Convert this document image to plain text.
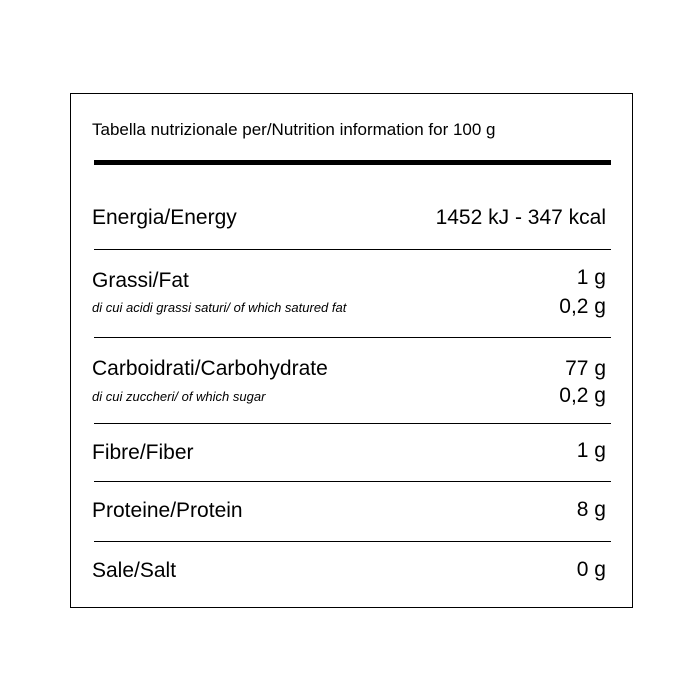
Tabella nutrizionale per/Nutrition information for 100 g
Energia/Energy	1452 kJ - 347 kcal
Grassi/Fat	1 g
di cui acidi grassi saturi/ of which satured fat	0,2 g
Carboidrati/Carbohydrate	77 g
di cui zuccheri/ of which sugar	0,2 g
Fibre/Fiber	1 g
Proteine/Protein	8 g
Sale/Salt	0 g
